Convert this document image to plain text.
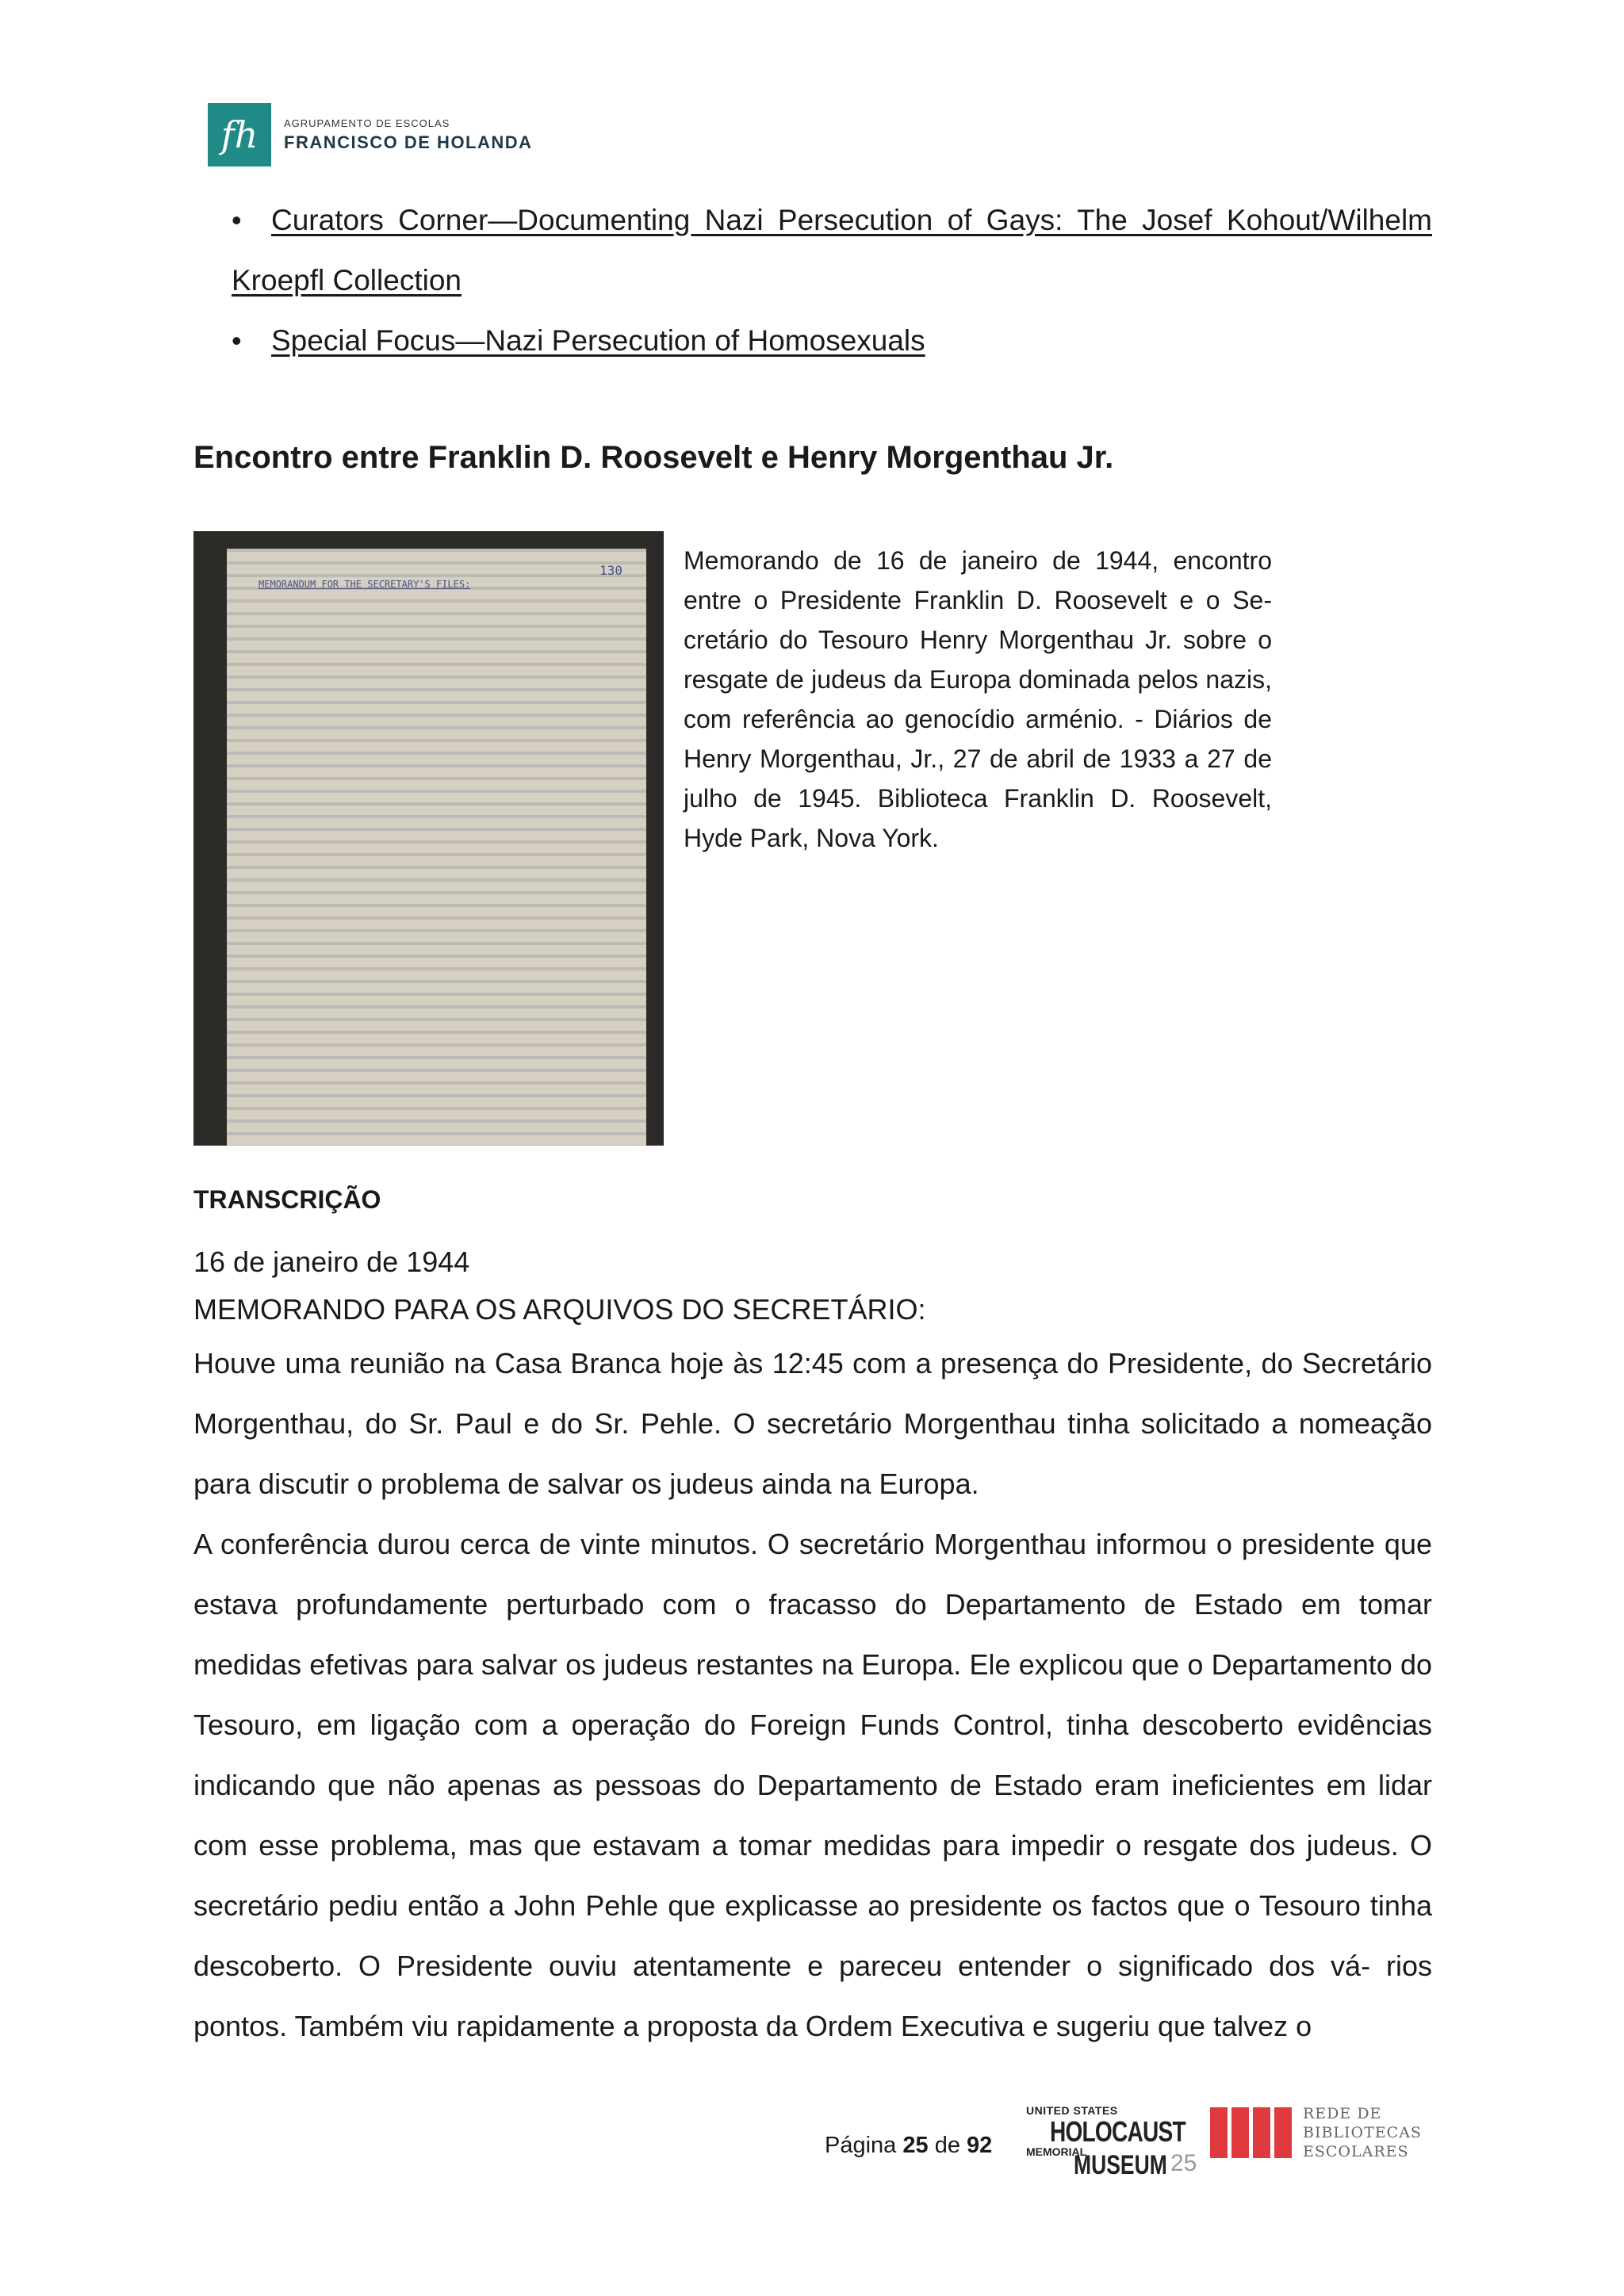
fh	AGRUPAMENTO DE ESCOLAS
FRANCISCO DE HOLANDA
• Curators Corner—Documenting Nazi Persecution of Gays: The Josef Kohout/Wilhelm
Kroepfl Collection
• Special Focus—Nazi Persecution of Homosexuals
Encontro entre Franklin D. Roosevelt e Henry Morgenthau Jr.
130
MEMORANDUM FOR THE SECRETARY'S FILES:
Memorando de 16 de janeiro de 1944, encontro entre o Presidente Franklin D. Roosevelt e o Se- cretário do Tesouro Henry Morgenthau Jr. sobre o resgate de judeus da Europa dominada pelos nazis, com referência ao genocídio arménio. - Diários de Henry Morgenthau, Jr., 27 de abril de 1933 a 27 de julho de 1945. Biblioteca Franklin D. Roosevelt, Hyde Park, Nova York.
TRANSCRIÇÃO
16 de janeiro de 1944
MEMORANDO PARA OS ARQUIVOS DO SECRETÁRIO:
Houve uma reunião na Casa Branca hoje às 12:45 com a presença do Presidente, do Secretário Morgenthau, do Sr. Paul e do Sr. Pehle. O secretário Morgenthau tinha solicitado a nomeação para discutir o problema de salvar os judeus ainda na Europa.
A conferência durou cerca de vinte minutos. O secretário Morgenthau informou o presidente que estava profundamente perturbado com o fracasso do Departamento de Estado em tomar medidas efetivas para salvar os judeus restantes na Europa. Ele explicou que o Departamento do Tesouro, em ligação com a operação do Foreign Funds Control, tinha descoberto evidências indicando que não apenas as pessoas do Departamento de Estado eram ineficientes em lidar com esse problema, mas que estavam a tomar medidas para impedir o resgate dos judeus. O secretário pediu então a John Pehle que explicasse ao presidente os factos que o Tesouro tinha descoberto. O Presidente ouviu atentamente e pareceu entender o significado dos vá- rios pontos. Também viu rapidamente a proposta da Ordem Executiva e sugeriu que talvez o
Página 25 de 92
UNITED STATES
HOLOCAUST
MEMORIAL
MUSEUM 25
REDE DE
BIBLIOTECAS
ESCOLARES
